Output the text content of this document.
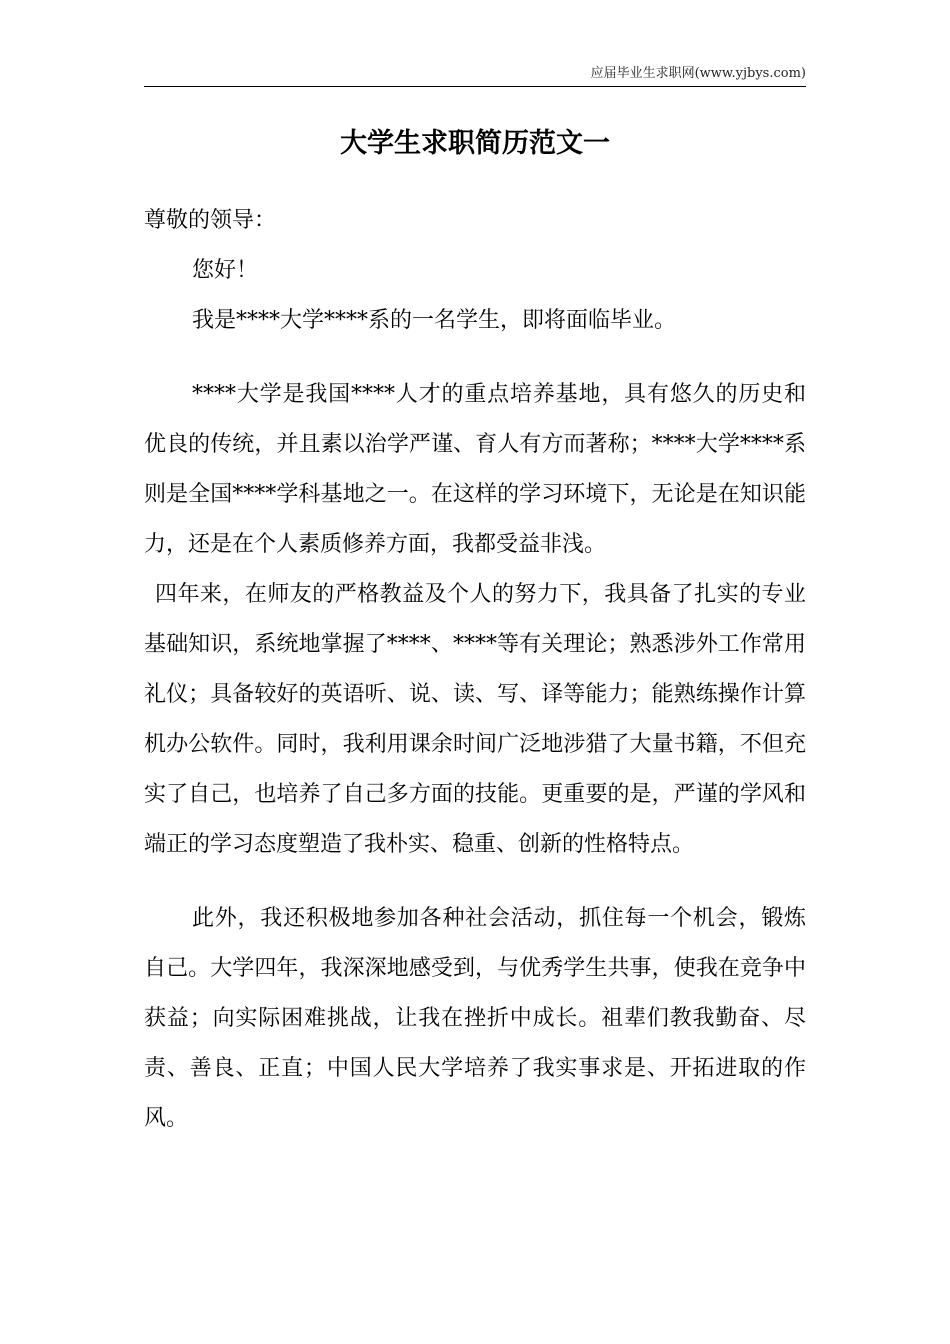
应届毕业生求职网(www.yjbys.com)
大学生求职简历范文一

尊敬的领导：

您好！

我是****大学****系的一名学生，即将面临毕业。

****大学是我国****人才的重点培养基地，具有悠久的历史和优良的传统，并且素以治学严谨、育人有方而著称；****大学****系则是全国****学科基地之一。在这样的学习环境下，无论是在知识能力，还是在个人素质修养方面，我都受益非浅。

四年来，在师友的严格教益及个人的努力下，我具备了扎实的专业基础知识，系统地掌握了****、****等有关理论；熟悉涉外工作常用礼仪；具备较好的英语听、说、读、写、译等能力；能熟练操作计算机办公软件。同时，我利用课余时间广泛地涉猎了大量书籍，不但充实了自己，也培养了自己多方面的技能。更重要的是，严谨的学风和端正的学习态度塑造了我朴实、稳重、创新的性格特点。

此外，我还积极地参加各种社会活动，抓住每一个机会，锻炼自己。大学四年，我深深地感受到，与优秀学生共事，使我在竞争中获益；向实际困难挑战，让我在挫折中成长。祖辈们教我勤奋、尽责、善良、正直；中国人民大学培养了我实事求是、开拓进取的作风。
